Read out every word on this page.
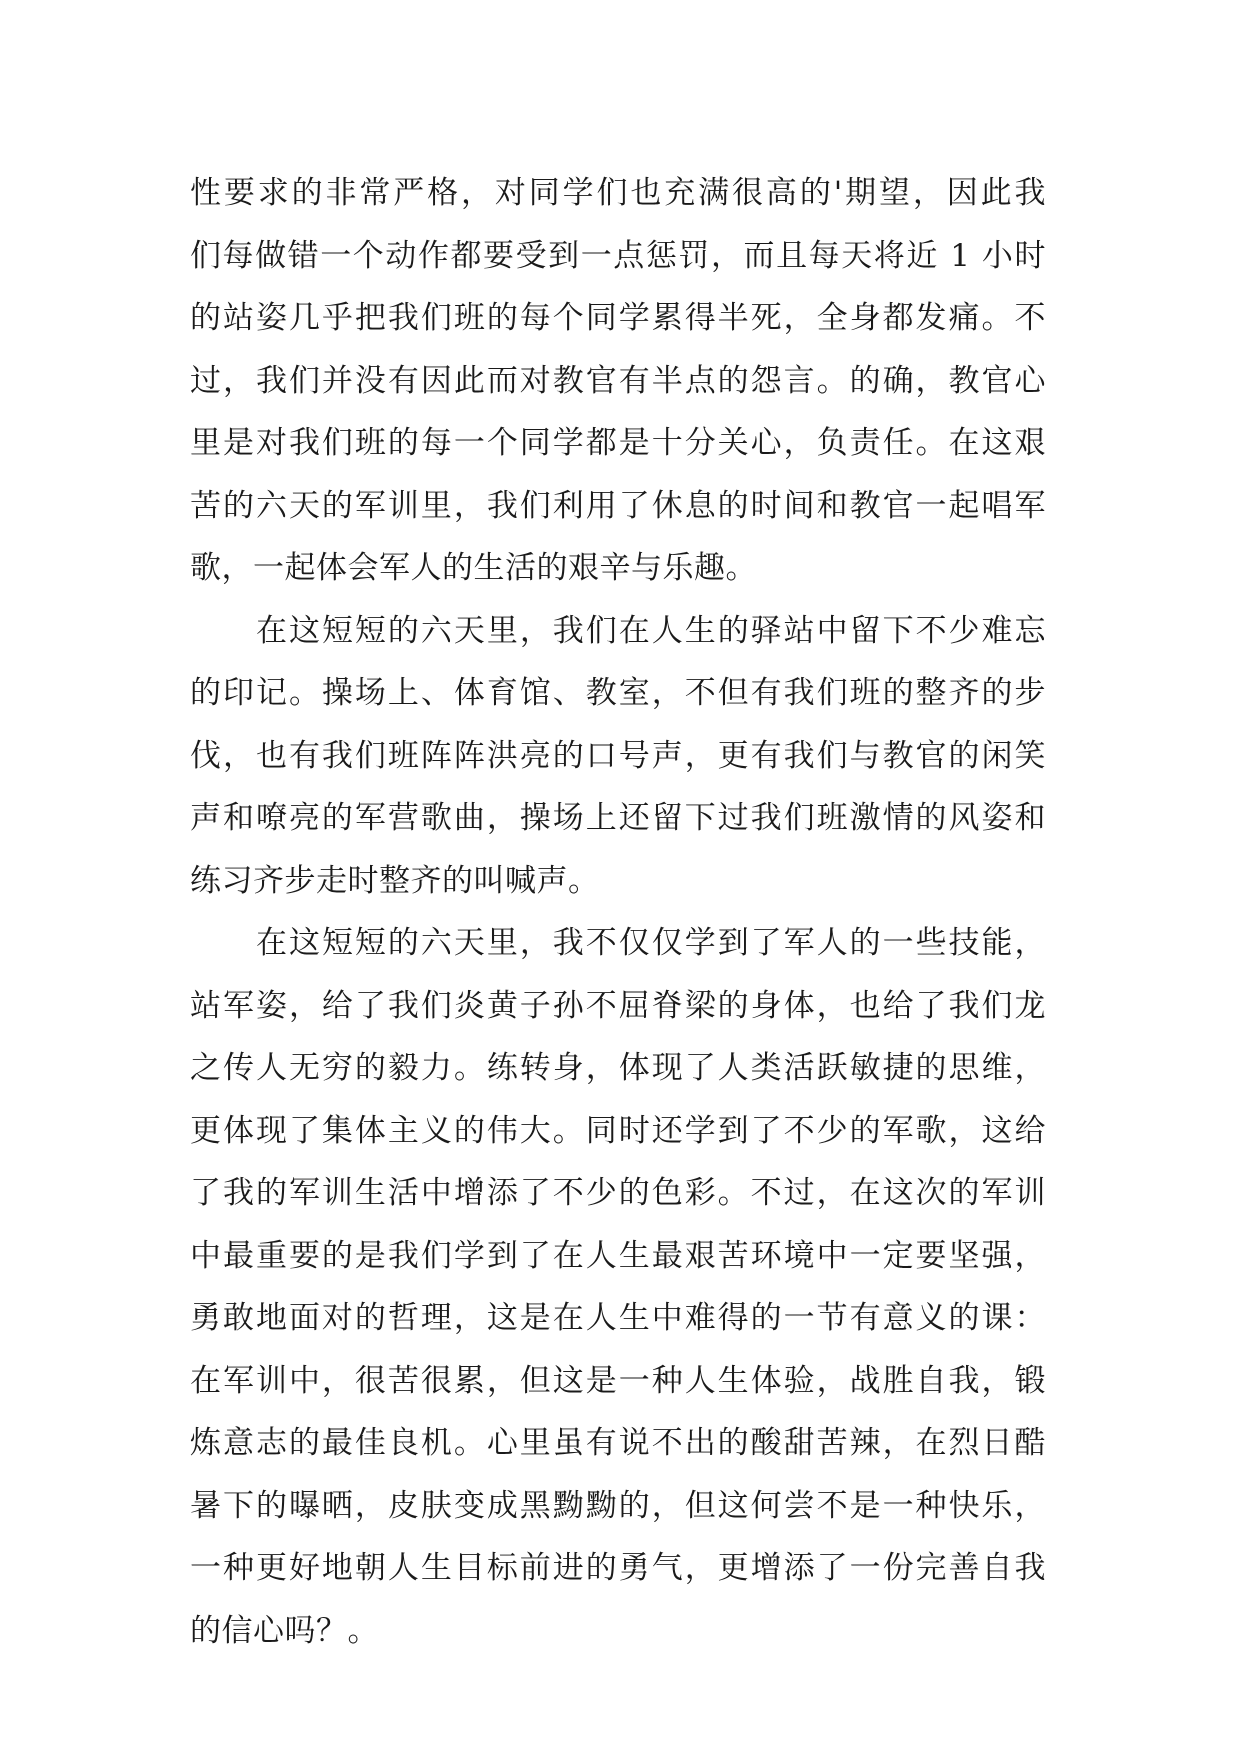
性要求的非常严格，对同学们也充满很高的'期望，因此我
们每做错一个动作都要受到一点惩罚，而且每天将近 1 小时
的站姿几乎把我们班的每个同学累得半死，全身都发痛。不
过，我们并没有因此而对教官有半点的怨言。的确，教官心
里是对我们班的每一个同学都是十分关心，负责任。在这艰
苦的六天的军训里，我们利用了休息的时间和教官一起唱军
歌，一起体会军人的生活的艰辛与乐趣。
在这短短的六天里，我们在人生的驿站中留下不少难忘
的印记。操场上、体育馆、教室，不但有我们班的整齐的步
伐，也有我们班阵阵洪亮的口号声，更有我们与教官的闲笑
声和嘹亮的军营歌曲，操场上还留下过我们班激情的风姿和
练习齐步走时整齐的叫喊声。
在这短短的六天里，我不仅仅学到了军人的一些技能，
站军姿，给了我们炎黄子孙不屈脊梁的身体，也给了我们龙
之传人无穷的毅力。练转身，体现了人类活跃敏捷的思维，
更体现了集体主义的伟大。同时还学到了不少的军歌，这给
了我的军训生活中增添了不少的色彩。不过，在这次的军训
中最重要的是我们学到了在人生最艰苦环境中一定要坚强，
勇敢地面对的哲理，这是在人生中难得的一节有意义的课：
在军训中，很苦很累，但这是一种人生体验，战胜自我，锻
炼意志的最佳良机。心里虽有说不出的酸甜苦辣，在烈日酷
暑下的曝晒，皮肤变成黑黝黝的，但这何尝不是一种快乐，
一种更好地朝人生目标前进的勇气，更增添了一份完善自我
的信心吗？。
